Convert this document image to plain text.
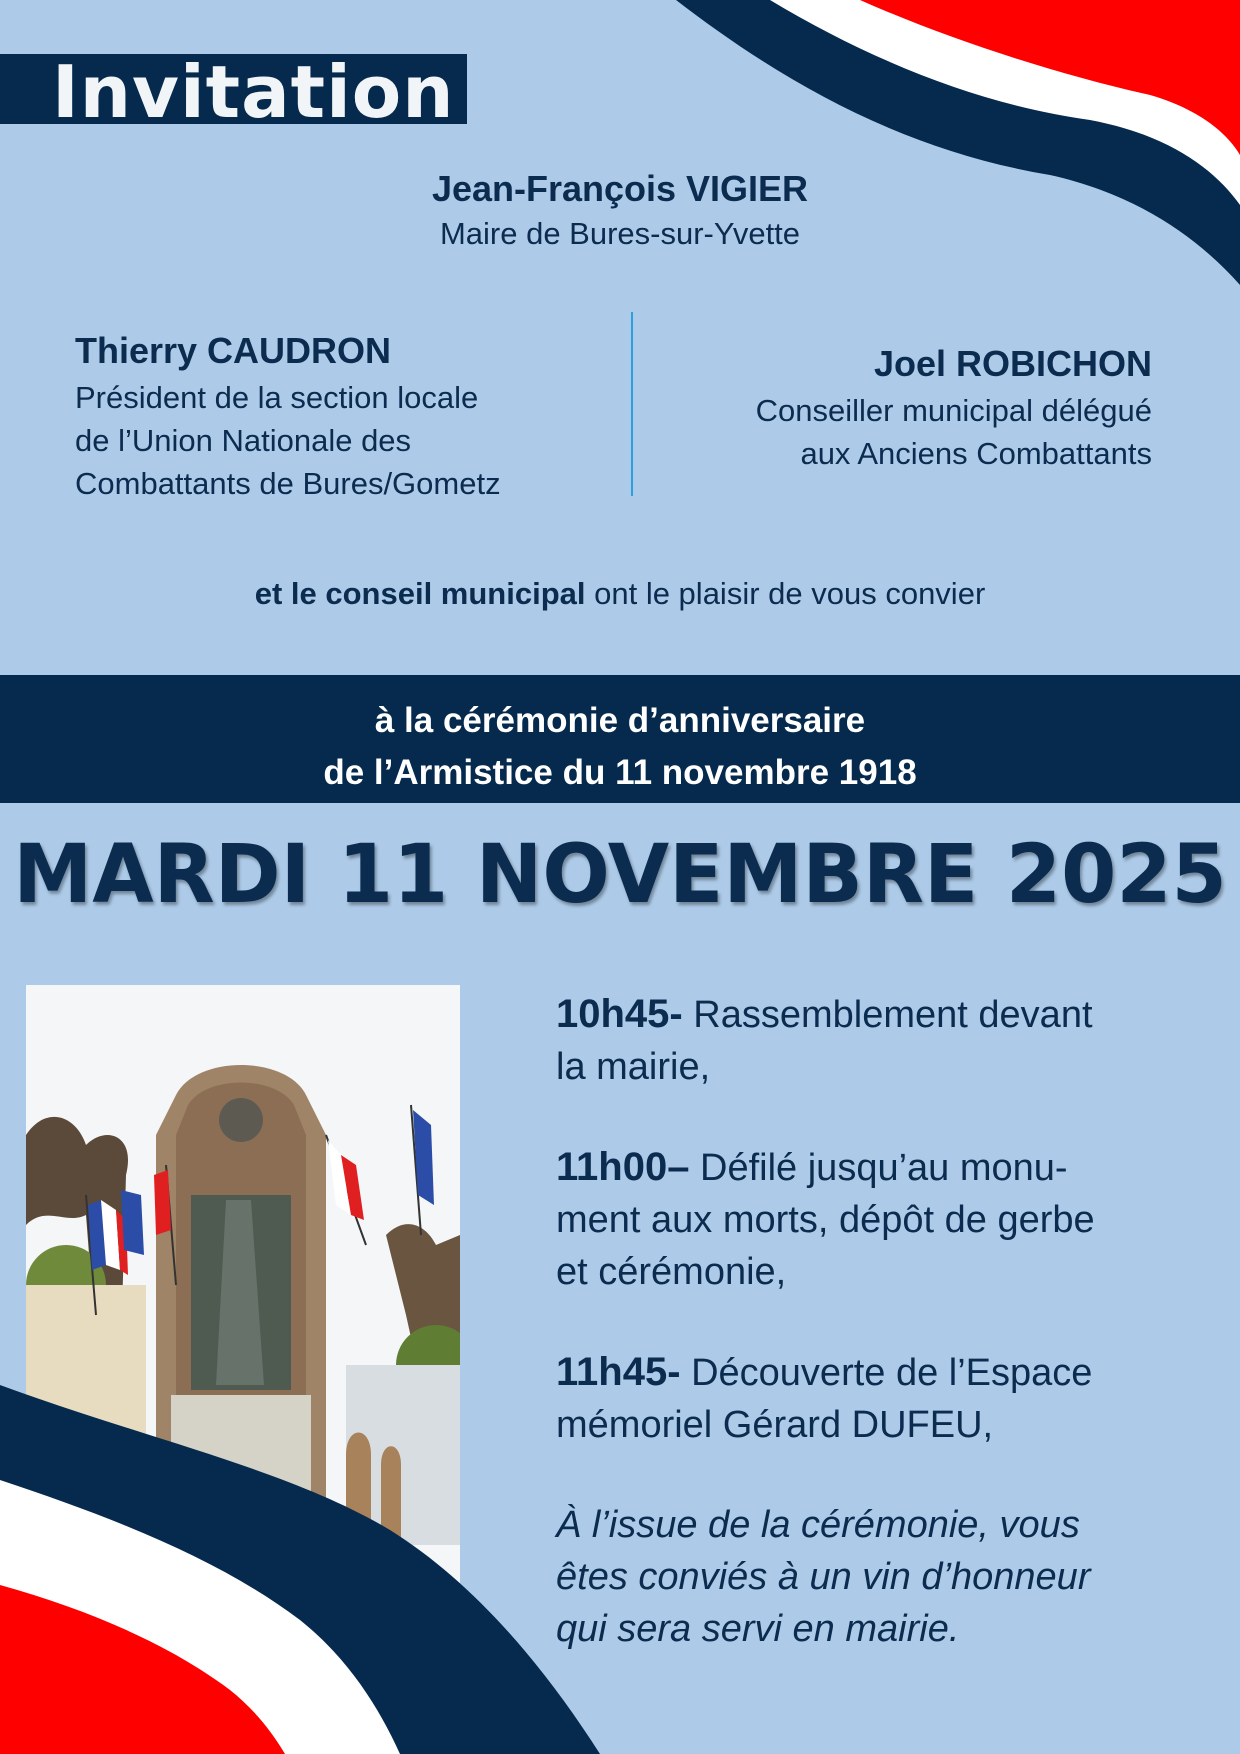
Invitation
Jean-François VIGIER
Maire de Bures-sur-Yvette
Thierry CAUDRON
Président de la section locale
de l’Union Nationale des
Combattants de Bures/Gometz
Joel ROBICHON
Conseiller municipal délégué
aux Anciens Combattants
et le conseil municipal ont le plaisir de vous convier
à la cérémonie d’anniversaire
de l’Armistice du 11 novembre 1918
MARDI 11 NOVEMBRE 2025

10h45- Rassemblement devant
la mairie,

11h00– Défilé jusqu’au monu-
ment aux morts, dépôt de gerbe
et cérémonie,

11h45- Découverte de l’Espace
mémoriel Gérard DUFEU,

À l’issue de la cérémonie, vous
êtes conviés à un vin d’honneur
qui sera servi en mairie.
